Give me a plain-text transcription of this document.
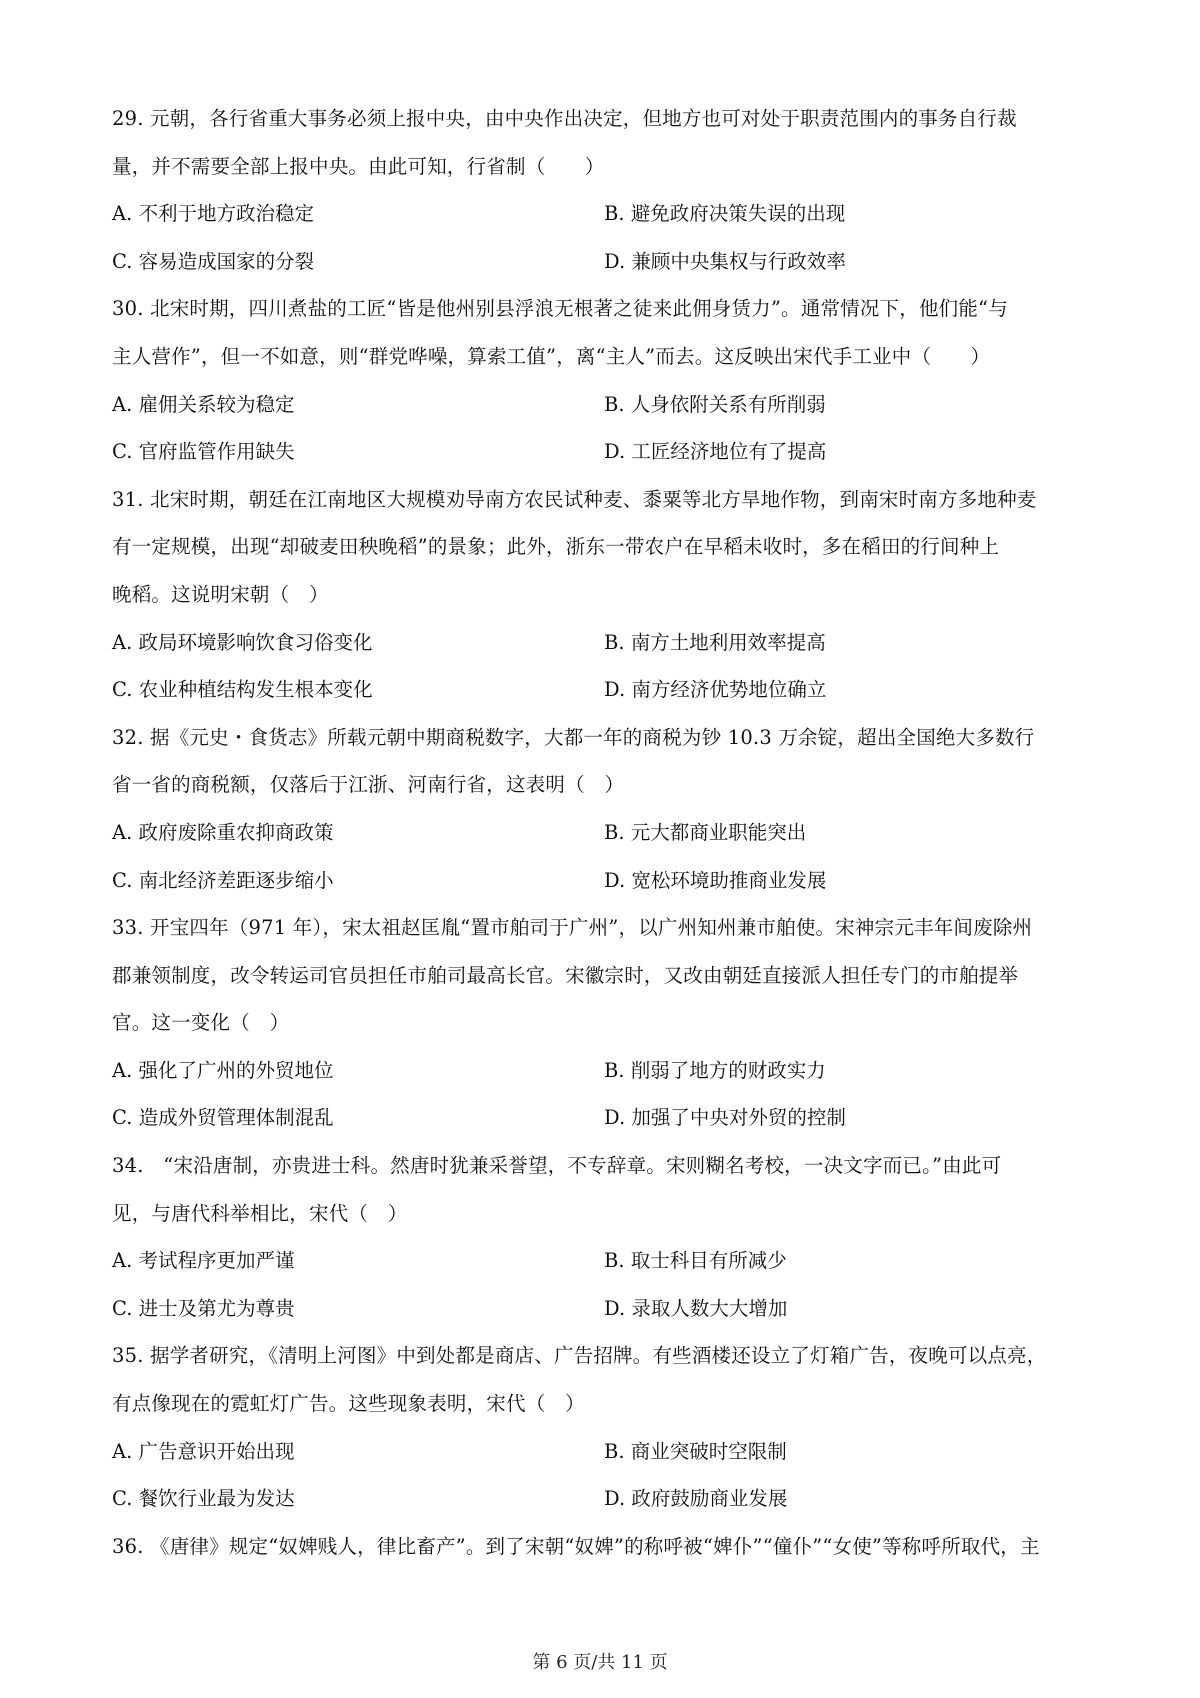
29. 元朝，各行省重大事务必须上报中央，由中央作出决定，但地方也可对处于职责范围内的事务自行裁
量，并不需要全部上报中央。由此可知，行省制（　　）
A. 不利于地方政治稳定	B. 避免政府决策失误的出现
C. 容易造成国家的分裂	D. 兼顾中央集权与行政效率
30. 北宋时期，四川煮盐的工匠“皆是他州别县浮浪无根著之徒来此佣身赁力”。通常情况下，他们能“与
主人营作”，但一不如意，则“群党哗噪，算索工值”，离“主人”而去。这反映出宋代手工业中（　　）
A. 雇佣关系较为稳定	B. 人身依附关系有所削弱
C. 官府监管作用缺失	D. 工匠经济地位有了提高
31. 北宋时期，朝廷在江南地区大规模劝导南方农民试种麦、黍粟等北方旱地作物，到南宋时南方多地种麦
有一定规模，出现“却破麦田秧晚稻”的景象；此外，浙东一带农户在早稻未收时，多在稻田的行间种上
晚稻。这说明宋朝（　）
A. 政局环境影响饮食习俗变化	B. 南方土地利用效率提高
C. 农业种植结构发生根本变化	D. 南方经济优势地位确立
32. 据《元史・食货志》所载元朝中期商税数字，大都一年的商税为钞 10.3 万余锭，超出全国绝大多数行
省一省的商税额，仅落后于江浙、河南行省，这表明（　）
A. 政府废除重农抑商政策	B. 元大都商业职能突出
C. 南北经济差距逐步缩小	D. 宽松环境助推商业发展
33. 开宝四年（971 年），宋太祖赵匡胤“置市舶司于广州”，以广州知州兼市舶使。宋神宗元丰年间废除州
郡兼领制度，改令转运司官员担任市舶司最高长官。宋徽宗时，又改由朝廷直接派人担任专门的市舶提举
官。这一变化（　）
A. 强化了广州的外贸地位	B. 削弱了地方的财政实力
C. 造成外贸管理体制混乱	D. 加强了中央对外贸的控制
34.　“宋沿唐制，亦贵进士科。然唐时犹兼采誉望，不专辞章。宋则糊名考校，一决文字而已。”由此可
见，与唐代科举相比，宋代（　）
A. 考试程序更加严谨	B. 取士科目有所减少
C. 进士及第尤为尊贵	D. 录取人数大大增加
35. 据学者研究，《清明上河图》中到处都是商店、广告招牌。有些酒楼还设立了灯箱广告，夜晚可以点亮，
有点像现在的霓虹灯广告。这些现象表明，宋代（　）
A. 广告意识开始出现	B. 商业突破时空限制
C. 餐饮行业最为发达	D. 政府鼓励商业发展
36. 《唐律》规定“奴婢贱人，律比畜产”。到了宋朝“奴婢”的称呼被“婢仆”“僮仆”“女使”等称呼所取代，主
第 6 页/共 11 页
